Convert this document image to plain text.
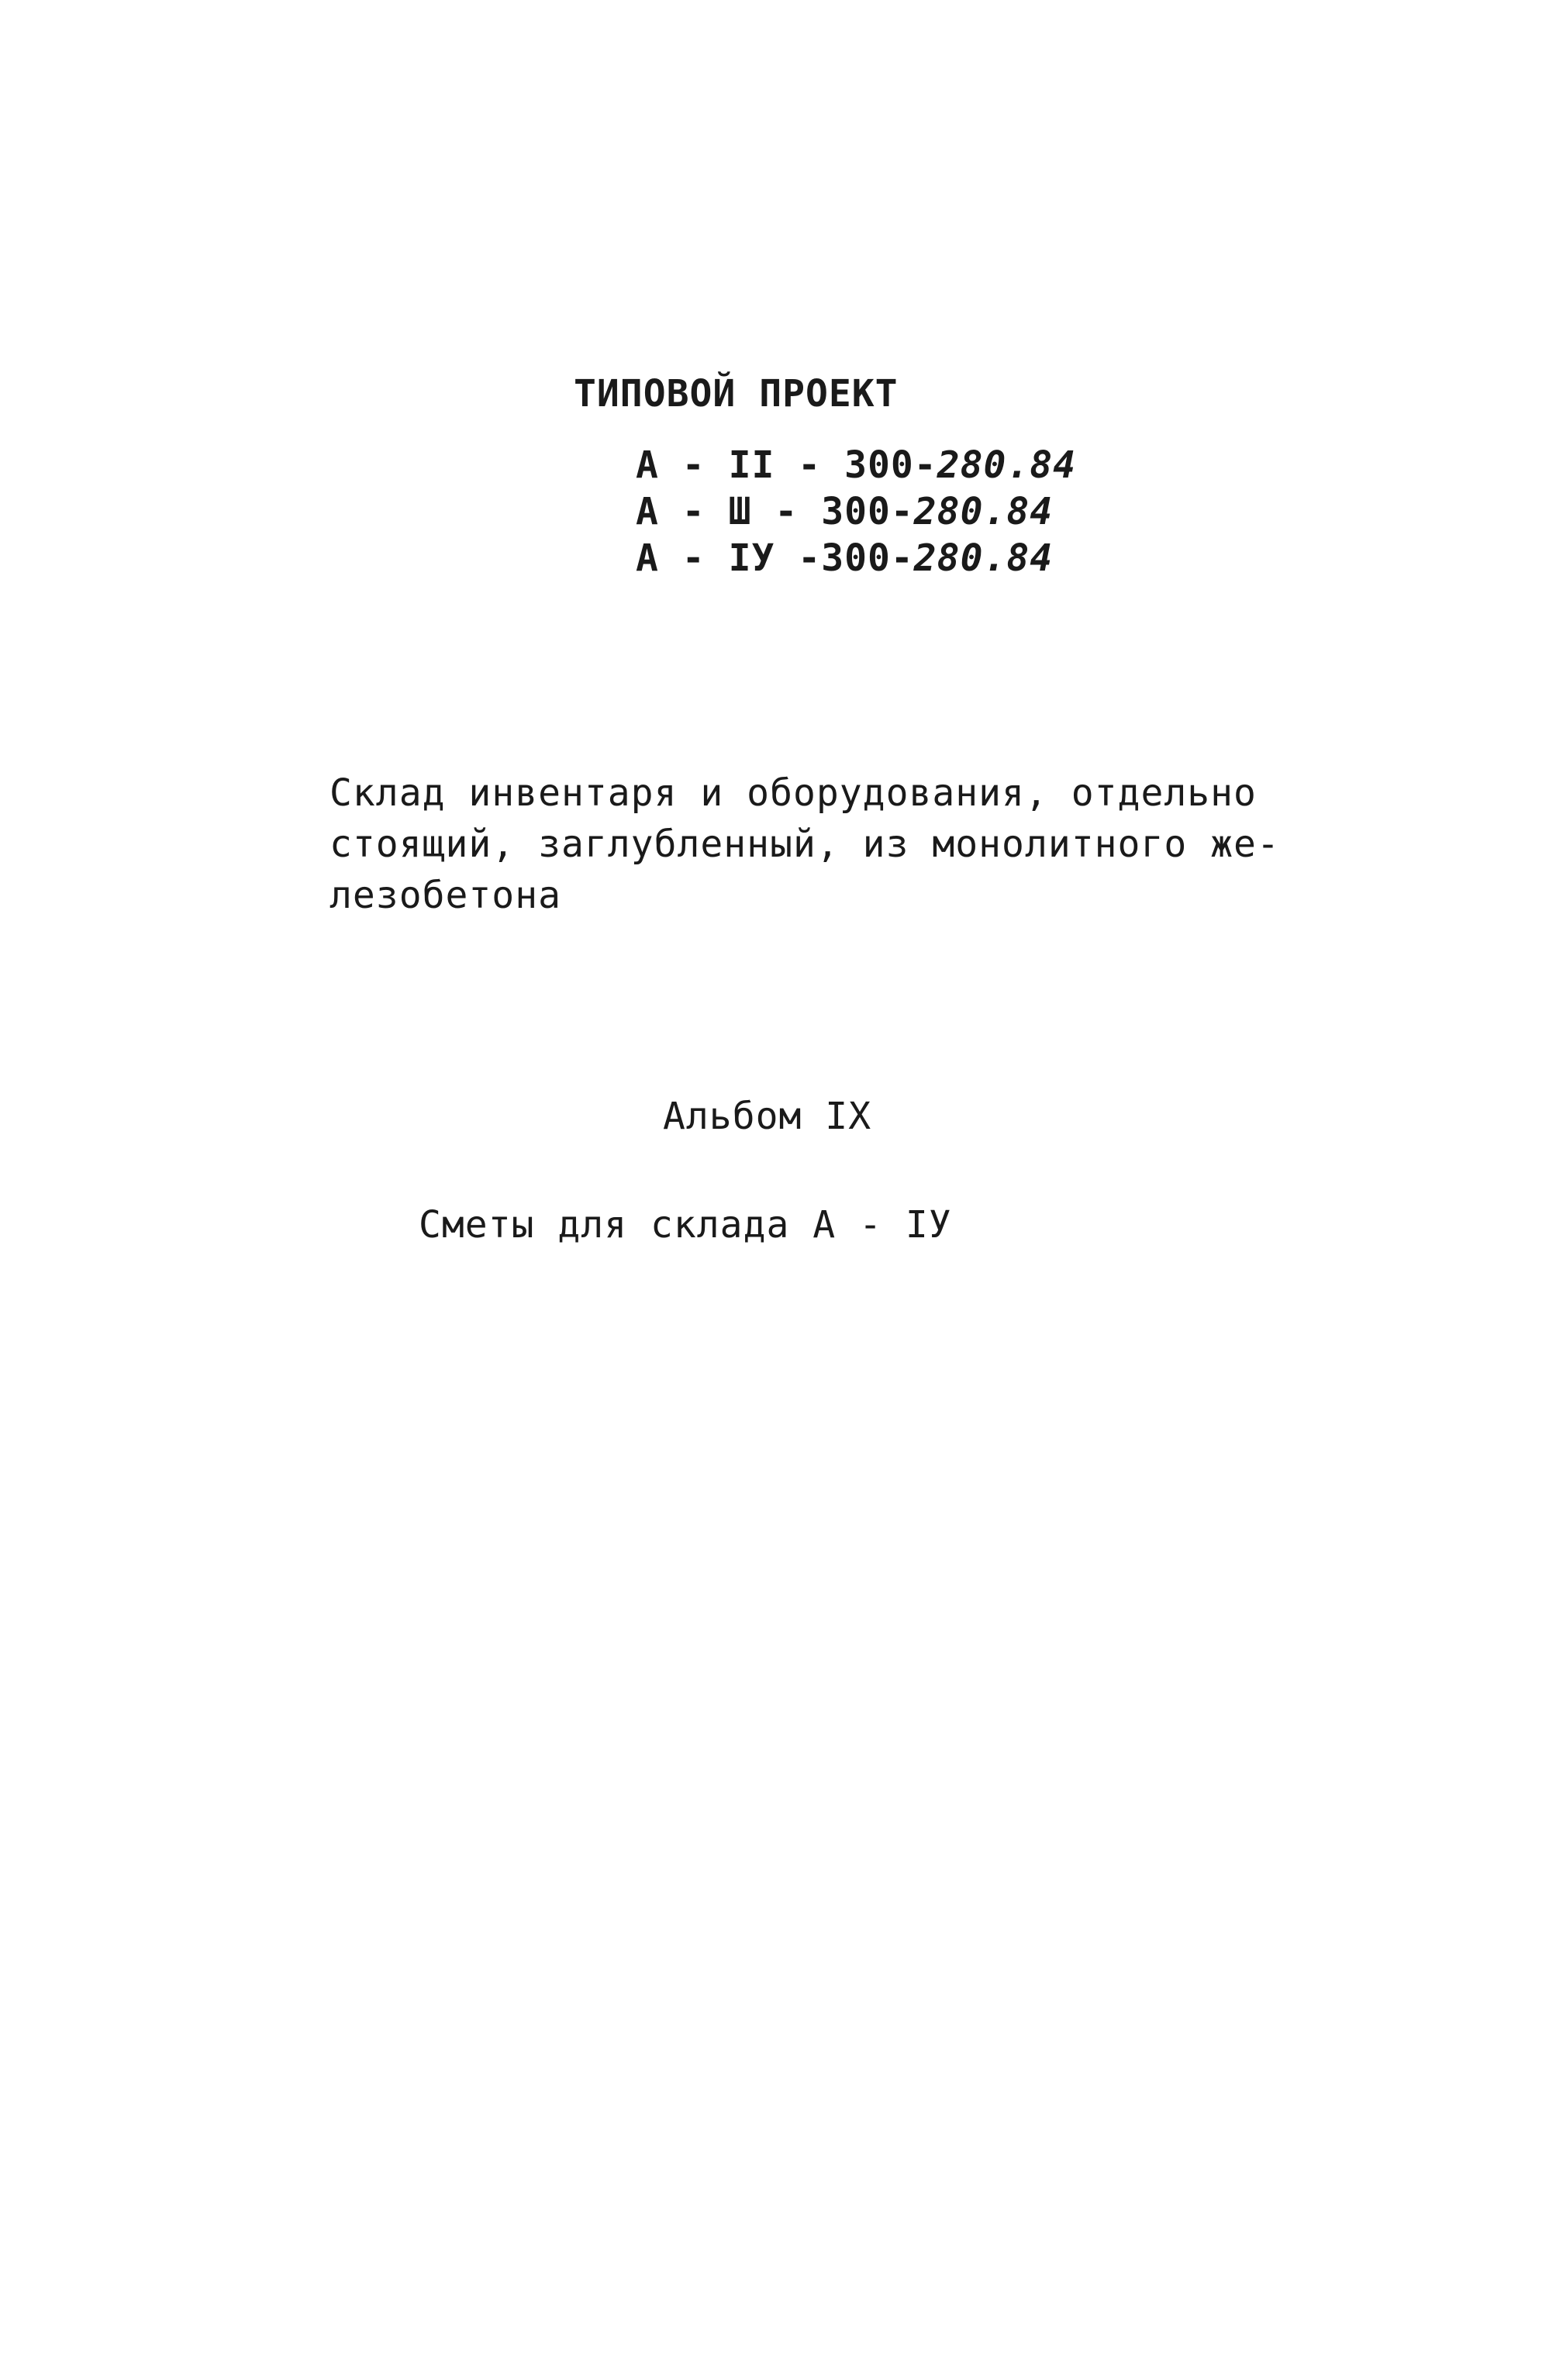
ТИПОВОЙ ПРОЕКТ
А - II - 300-280.84
А - Ш - 300-280.84
А - IУ -300-280.84
Склад инвентаря и оборудования, отдельно
стоящий, заглубленный, из монолитного же-
лезобетона
Альбом IX
Сметы для склада А - IУ
